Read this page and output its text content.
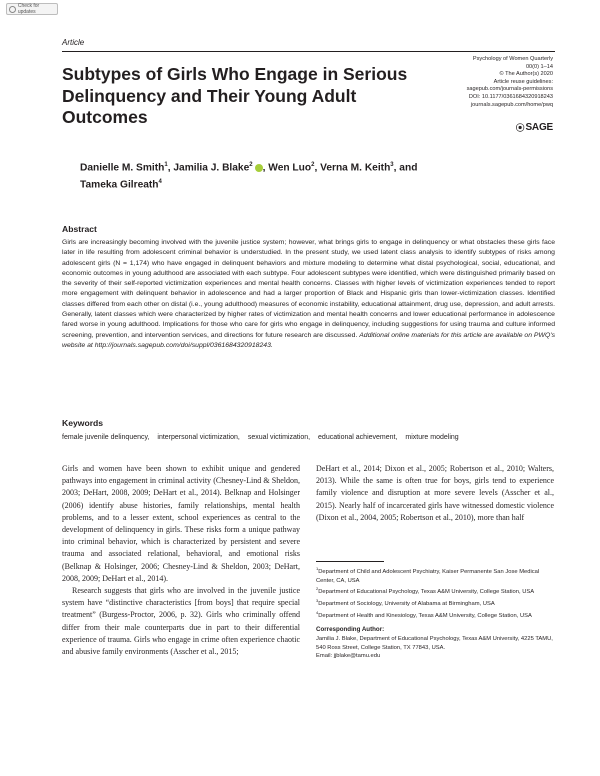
Check for updates
Article
Subtypes of Girls Who Engage in Serious Delinquency and Their Young Adult Outcomes
Psychology of Women Quarterly
00(0) 1–14
© The Author(s) 2020
Article reuse guidelines:
sagepub.com/journals-permissions
DOI: 10.1177/0361684320918243
journals.sagepub.com/home/pwq
⦿ SAGE
Danielle M. Smith$^1$, Jamilia J. Blake$^2$ , Wen Luo$^2$, Verna M. Keith$^3$, and
Tameka Gilreath$^4$
Abstract
Girls are increasingly becoming involved with the juvenile justice system; however, what brings girls to engage in delinquency or what obstacles these girls face later in life resulting from adolescent criminal behavior is understudied. In the present study, we used latent class analysis to identify subtypes of risks among adolescent girls (N = 1,174) who have engaged in delinquent behaviors and mixture modeling to determine what distal psychological, social, educational, and economic outcomes in young adulthood are associated with each subtype. Four adolescent subtypes were identified, which were distinguished primarily based on the severity of their self-reported victimization experiences and mental health concerns. Classes with higher levels of victimization experiences tended to report more engagement with delinquent behavior in adolescence and had a larger proportion of Black and Hispanic girls than lower-victimization classes. Identified classes differed from each other on distal (i.e., young adulthood) measures of economic instability, educational attainment, drug use, depression, and adult arrests. Generally, latent classes which were characterized by higher rates of victimization and mental health concerns and lower educational performance in adolescence fared worse in young adulthood. Implications for those who care for girls who engage in delinquency, including suggestions for using trauma and culture informed screening, prevention, and intervention services, and directions for future research are discussed. Additional online materials for this article are available on PWQ's website at http://journals.sagepub.com/doi/suppl/0361684320918243.
Keywords
female juvenile delinquency, interpersonal victimization, sexual victimization, educational achievement, mixture modeling

Girls and women have been shown to exhibit unique and gendered pathways into engagement in criminal activity (Chesney-Lind & Sheldon, 2003; DeHart, 2008, 2009; DeHart et al., 2014). Belknap and Holsinger (2006) identify abuse histories, family relationships, mental health problems, and to a lesser extent, school experiences as central to the development of delinquency in girls. These risks form a unique pathway into criminal behavior, which is characterized by persistent and severe trauma and associated relational, behavioral, and emotional risks (Belknap & Holsinger, 2006; Chesney-Lind & Sheldon, 2003; DeHart, 2008, 2009; DeHart et al., 2014).

Research suggests that girls who are involved in the juvenile justice system have “distinctive characteristics [from boys] that require special treatment” (Burgess-Proctor, 2006, p. 32). Girls who criminally offend differ from their male counterparts due in part to their differential experience of trauma. Girls who engage in crime often experience chaotic and abusive family environments (Asscher et al., 2015;

DeHart et al., 2014; Dixon et al., 2005; Robertson et al., 2010; Walters, 2013). While the same is often true for boys, girls tend to experience family violence and disruption at more severe levels (Asscher et al., 2015). Nearly half of incarcerated girls have witnessed domestic violence (Dixon et al., 2004, 2005; Robertson et al., 2010), more than half

$^1$Department of Child and Adolescent Psychiatry, Kaiser Permanente San Jose Medical Center, CA, USA
$^2$Department of Educational Psychology, Texas A&M University, College Station, USA
$^3$Department of Sociology, University of Alabama at Birmingham, USA
$^4$Department of Health and Kinesiology, Texas A&M University, College Station, USA
Corresponding Author:
Jamilia J. Blake, Department of Educational Psychology, Texas A&M University, 4225 TAMU, 540 Ross Street, College Station, TX 77843, USA.
Email: jjblake@tamu.edu
